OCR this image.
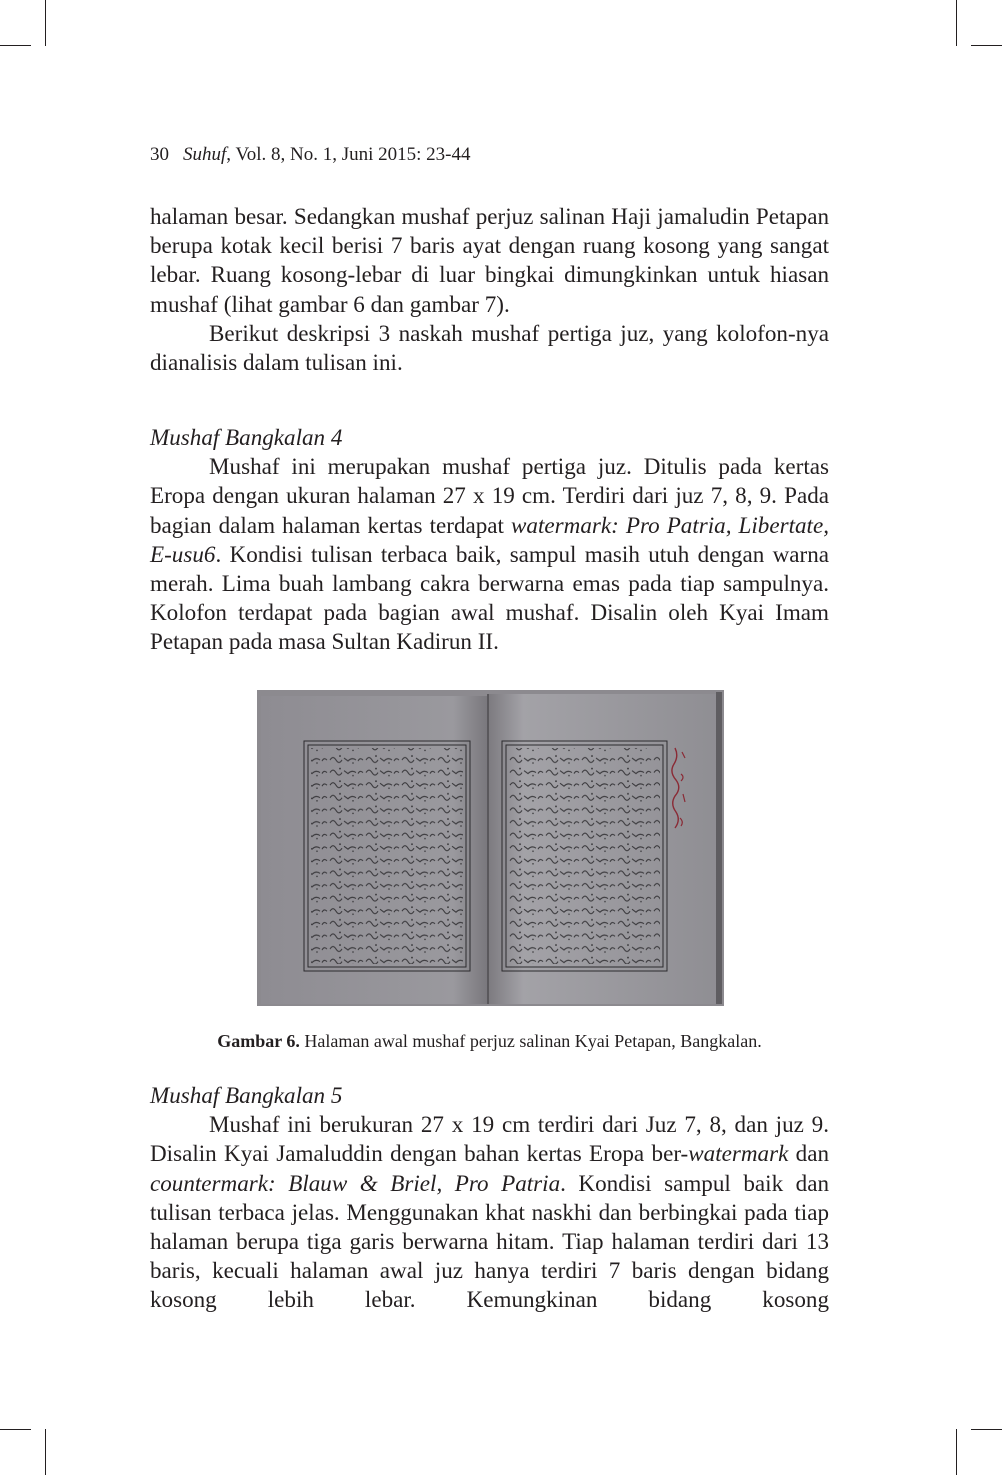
30 Suhuf, Vol. 8, No. 1, Juni 2015: 23-44

halaman besar. Sedangkan mushaf perjuz salinan Haji jamaludin Petapan berupa kotak kecil berisi 7 baris ayat dengan ruang kosong yang sangat lebar. Ruang kosong-lebar di luar bingkai dimungkinkan untuk hiasan mushaf (lihat gambar 6 dan gambar 7).

Berikut deskripsi 3 naskah mushaf pertiga juz, yang kolofon-nya dianalisis dalam tulisan ini.

Mushaf Bangkalan 4

Mushaf ini merupakan mushaf pertiga juz. Ditulis pada kertas Eropa dengan ukuran halaman 27 x 19 cm. Terdiri dari juz 7, 8, 9. Pada bagian dalam halaman kertas terdapat watermark: Pro Patria, Libertate, E-usu6. Kondisi tulisan terbaca baik, sampul masih utuh dengan warna merah. Lima buah lambang cakra berwarna emas pada tiap sampulnya. Kolofon terdapat pada bagian awal mushaf. Disalin oleh Kyai Imam Petapan pada masa Sultan Kadirun II.

Gambar 6. Halaman awal mushaf perjuz salinan Kyai Petapan, Bangkalan.

Mushaf Bangkalan 5

Mushaf ini berukuran 27 x 19 cm terdiri dari Juz 7, 8, dan juz 9. Disalin Kyai Jamaluddin dengan bahan kertas Eropa ber-watermark dan countermark: Blauw & Briel, Pro Patria. Kondisi sampul baik dan tulisan terbaca jelas. Menggunakan khat naskhi dan berbingkai pada tiap halaman berupa tiga garis berwarna hitam. Tiap halaman terdiri dari 13 baris, kecuali halaman awal juz hanya terdiri 7 baris dengan bidang kosong lebih lebar. Kemungkinan bidang kosong
